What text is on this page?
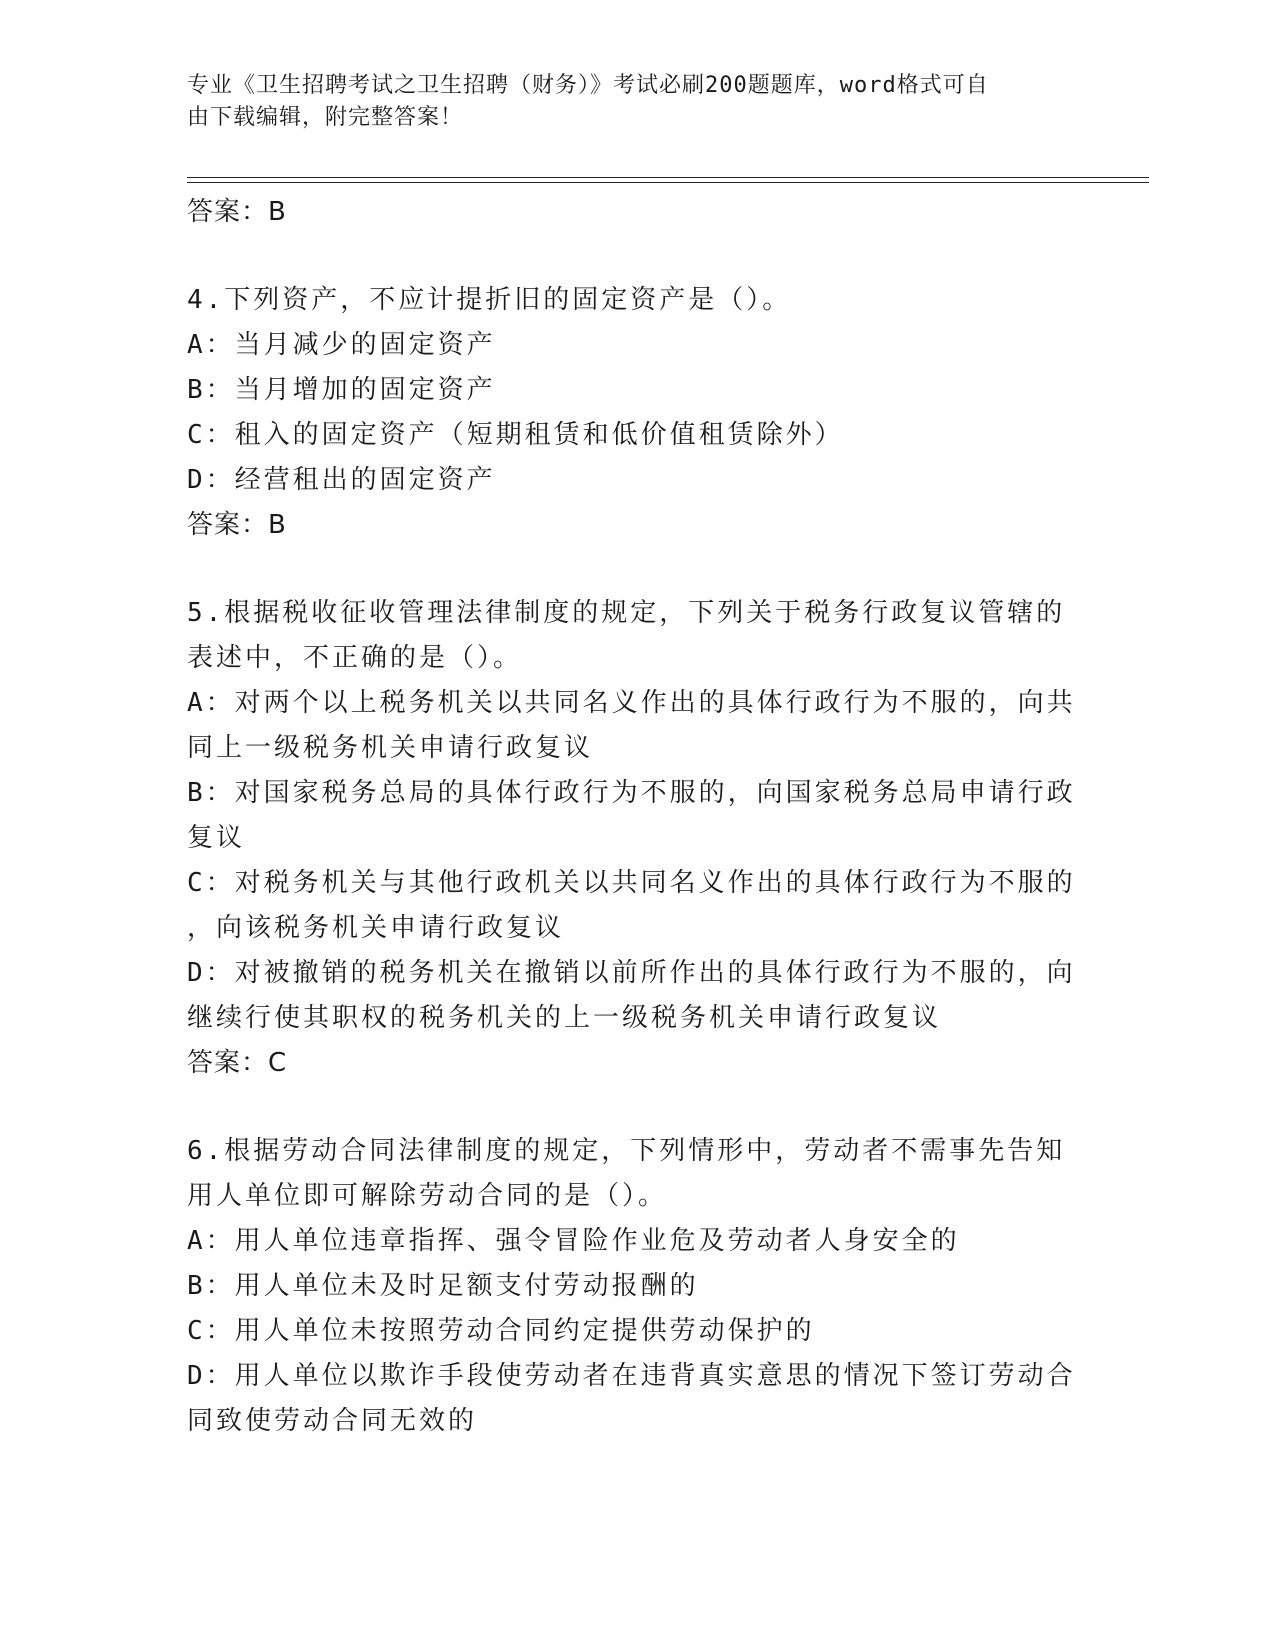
专业《卫生招聘考试之卫生招聘（财务）》考试必刷200题题库，word格式可自
由下载编辑，附完整答案！

答案：B

4.下列资产，不应计提折旧的固定资产是（）。

A：当月减少的固定资产

B：当月增加的固定资产

C：租入的固定资产（短期租赁和低价值租赁除外）

D：经营租出的固定资产

答案：B

5.根据税收征收管理法律制度的规定，下列关于税务行政复议管辖的

表述中，不正确的是（）。

A：对两个以上税务机关以共同名义作出的具体行政行为不服的，向共

同上一级税务机关申请行政复议

B：对国家税务总局的具体行政行为不服的，向国家税务总局申请行政

复议

C：对税务机关与其他行政机关以共同名义作出的具体行政行为不服的

，向该税务机关申请行政复议

D：对被撤销的税务机关在撤销以前所作出的具体行政行为不服的，向

继续行使其职权的税务机关的上一级税务机关申请行政复议

答案：C

6.根据劳动合同法律制度的规定，下列情形中，劳动者不需事先告知

用人单位即可解除劳动合同的是（）。

A：用人单位违章指挥、强令冒险作业危及劳动者人身安全的

B：用人单位未及时足额支付劳动报酬的

C：用人单位未按照劳动合同约定提供劳动保护的

D：用人单位以欺诈手段使劳动者在违背真实意思的情况下签订劳动合

同致使劳动合同无效的
